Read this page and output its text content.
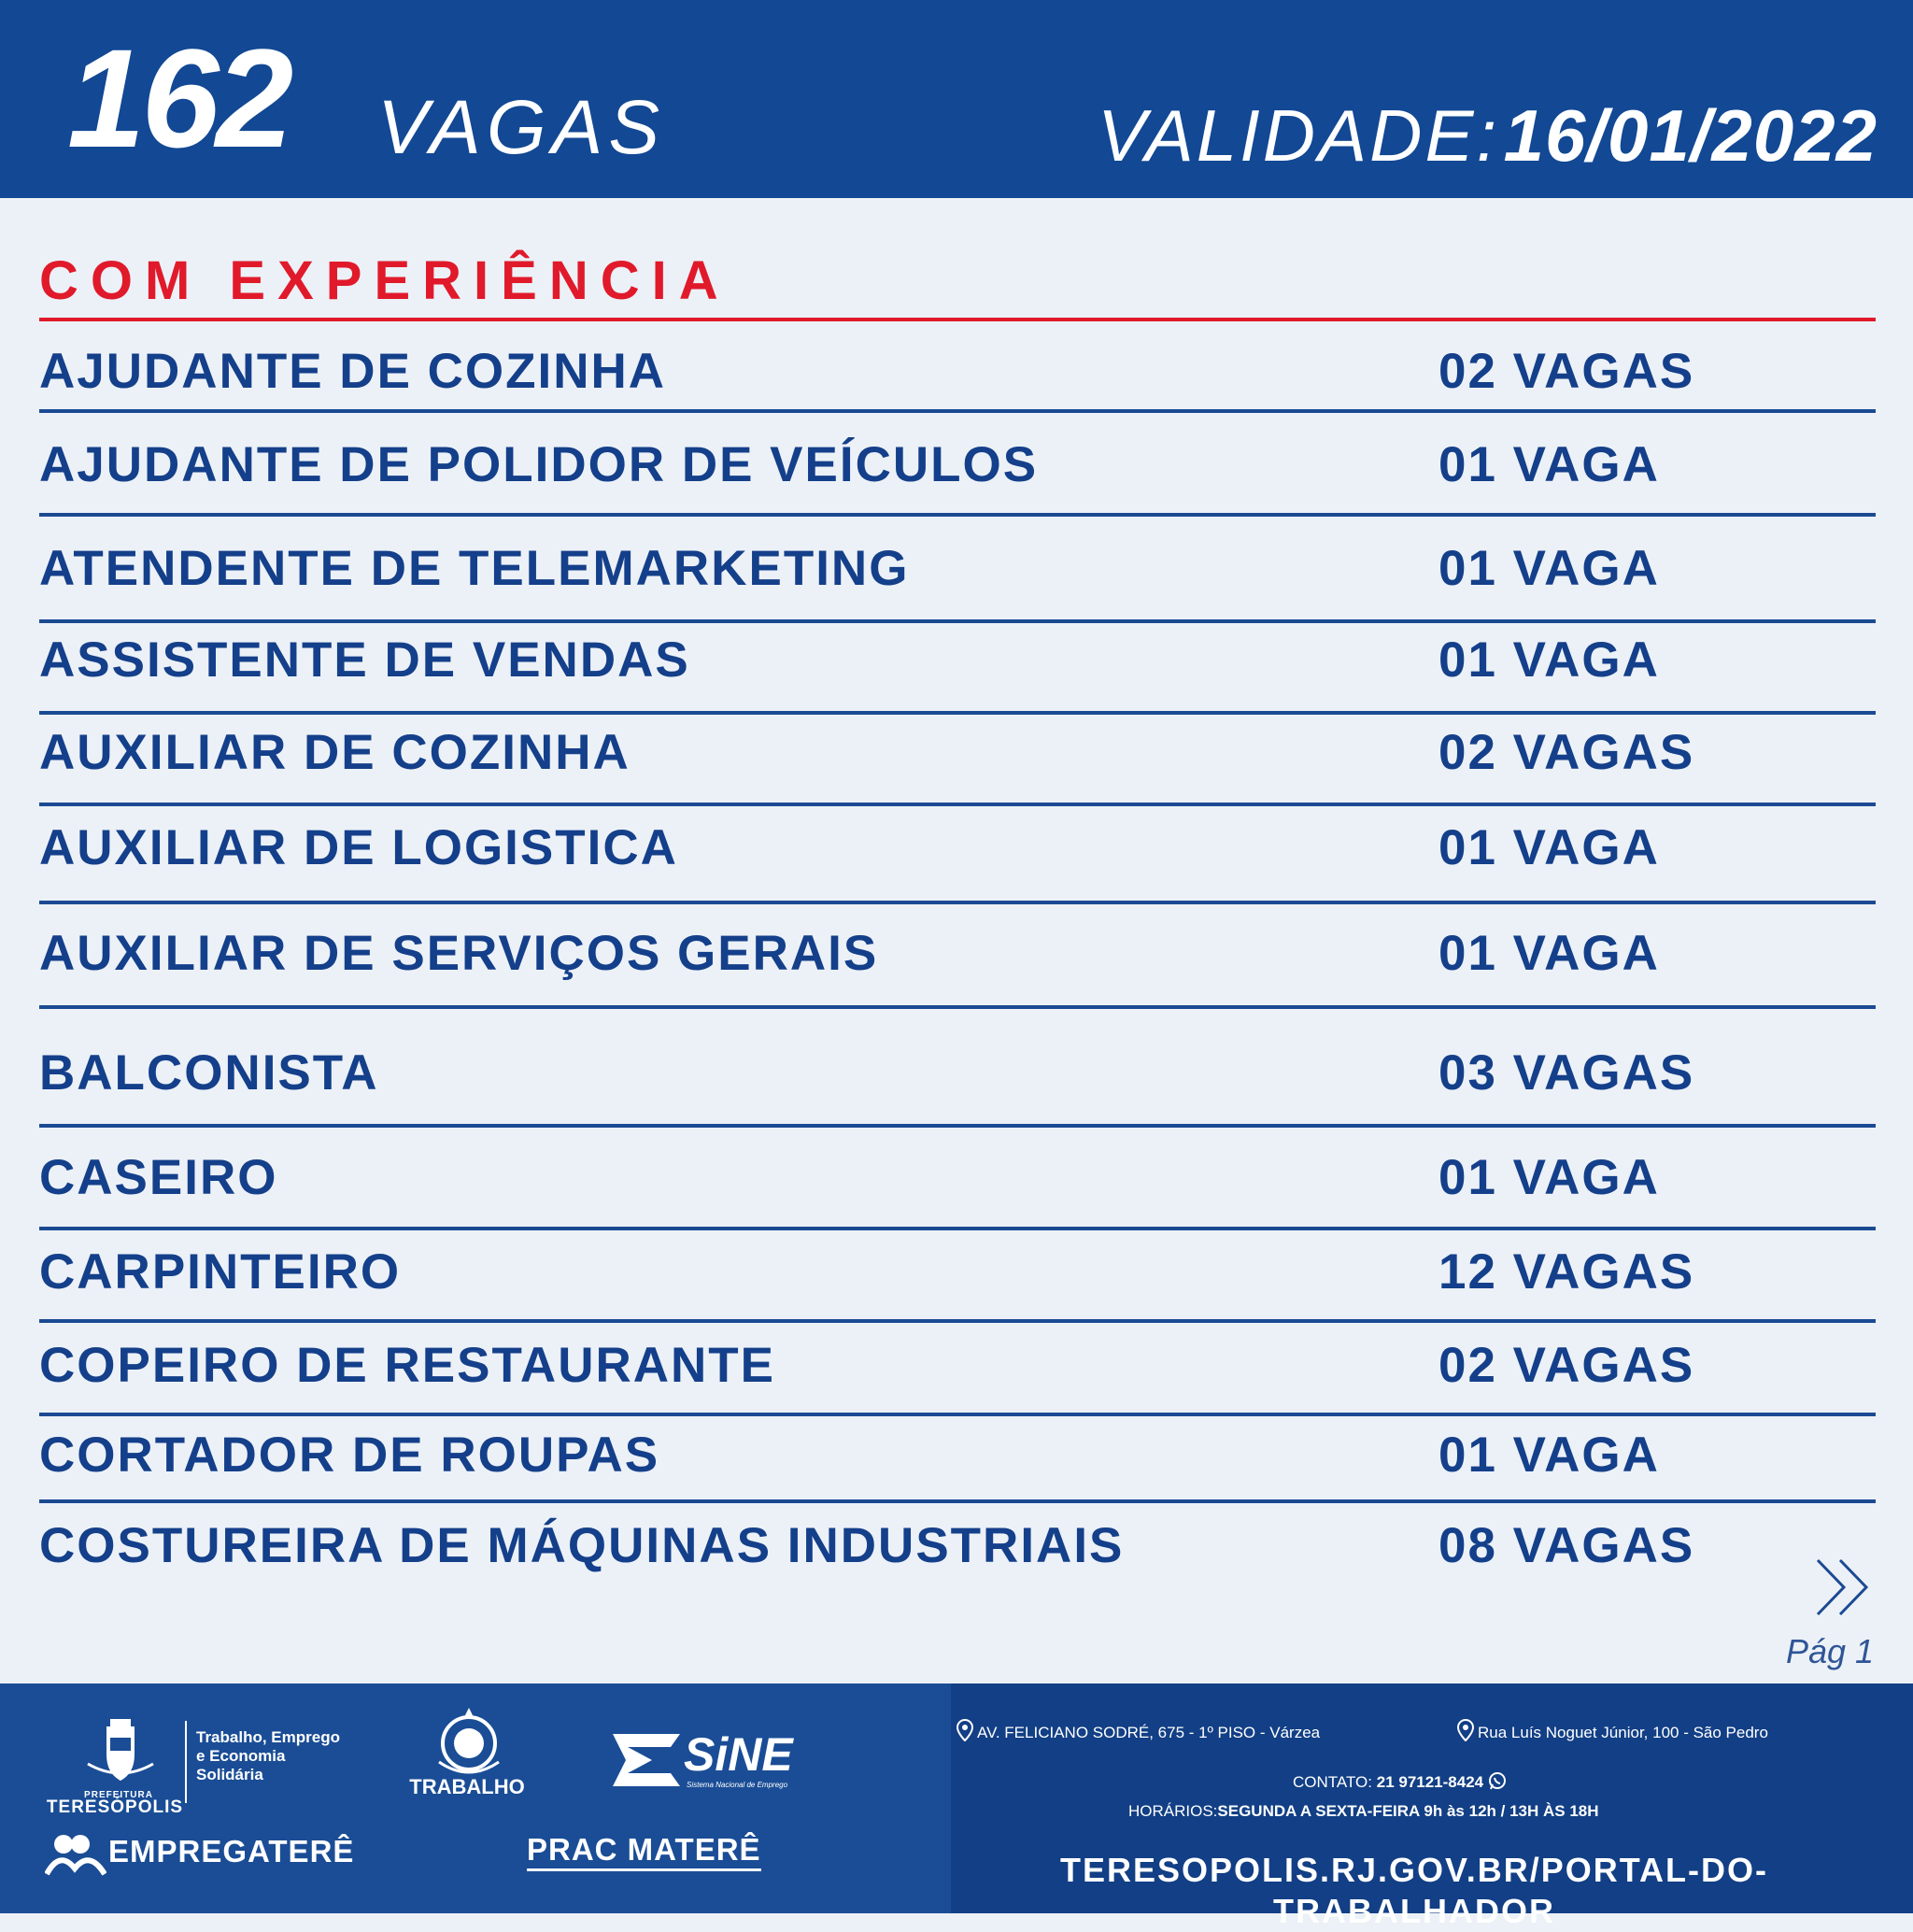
162 VAGAS	VALIDADE: 16/01/2022
COM EXPERIÊNCIA
AJUDANTE DE COZINHA	02 VAGAS
AJUDANTE DE POLIDOR DE VEÍCULOS	01 VAGA
ATENDENTE DE TELEMARKETING	01 VAGA
ASSISTENTE DE VENDAS	01 VAGA
AUXILIAR DE COZINHA	02 VAGAS
AUXILIAR DE LOGISTICA	01 VAGA
AUXILIAR DE SERVIÇOS GERAIS	01 VAGA
BALCONISTA	03 VAGAS
CASEIRO	01 VAGA
CARPINTEIRO	12 VAGAS
COPEIRO DE RESTAURANTE	02 VAGAS
CORTADOR DE ROUPAS	01 VAGA
COSTUREIRA DE MÁQUINAS INDUSTRIAIS	08 VAGAS
Pág 1
PREFEITURA
TERESÓPOLIS
Trabalho, Emprego
e Economia
Solidária
TRABALHO
SiNE
Sistema Nacional de Emprego
EMPREGATERÊ	PRAC MATERÊ
AV. FELICIANO SODRÉ, 675 - 1º PISO - Várzea	Rua Luís Noguet Júnior, 100 - São Pedro
CONTATO: 21 97121-8424
HORÁRIOS:SEGUNDA A SEXTA-FEIRA 9h às 12h / 13H ÀS 18H
TERESOPOLIS.RJ.GOV.BR/PORTAL-DO-TRABALHADOR
